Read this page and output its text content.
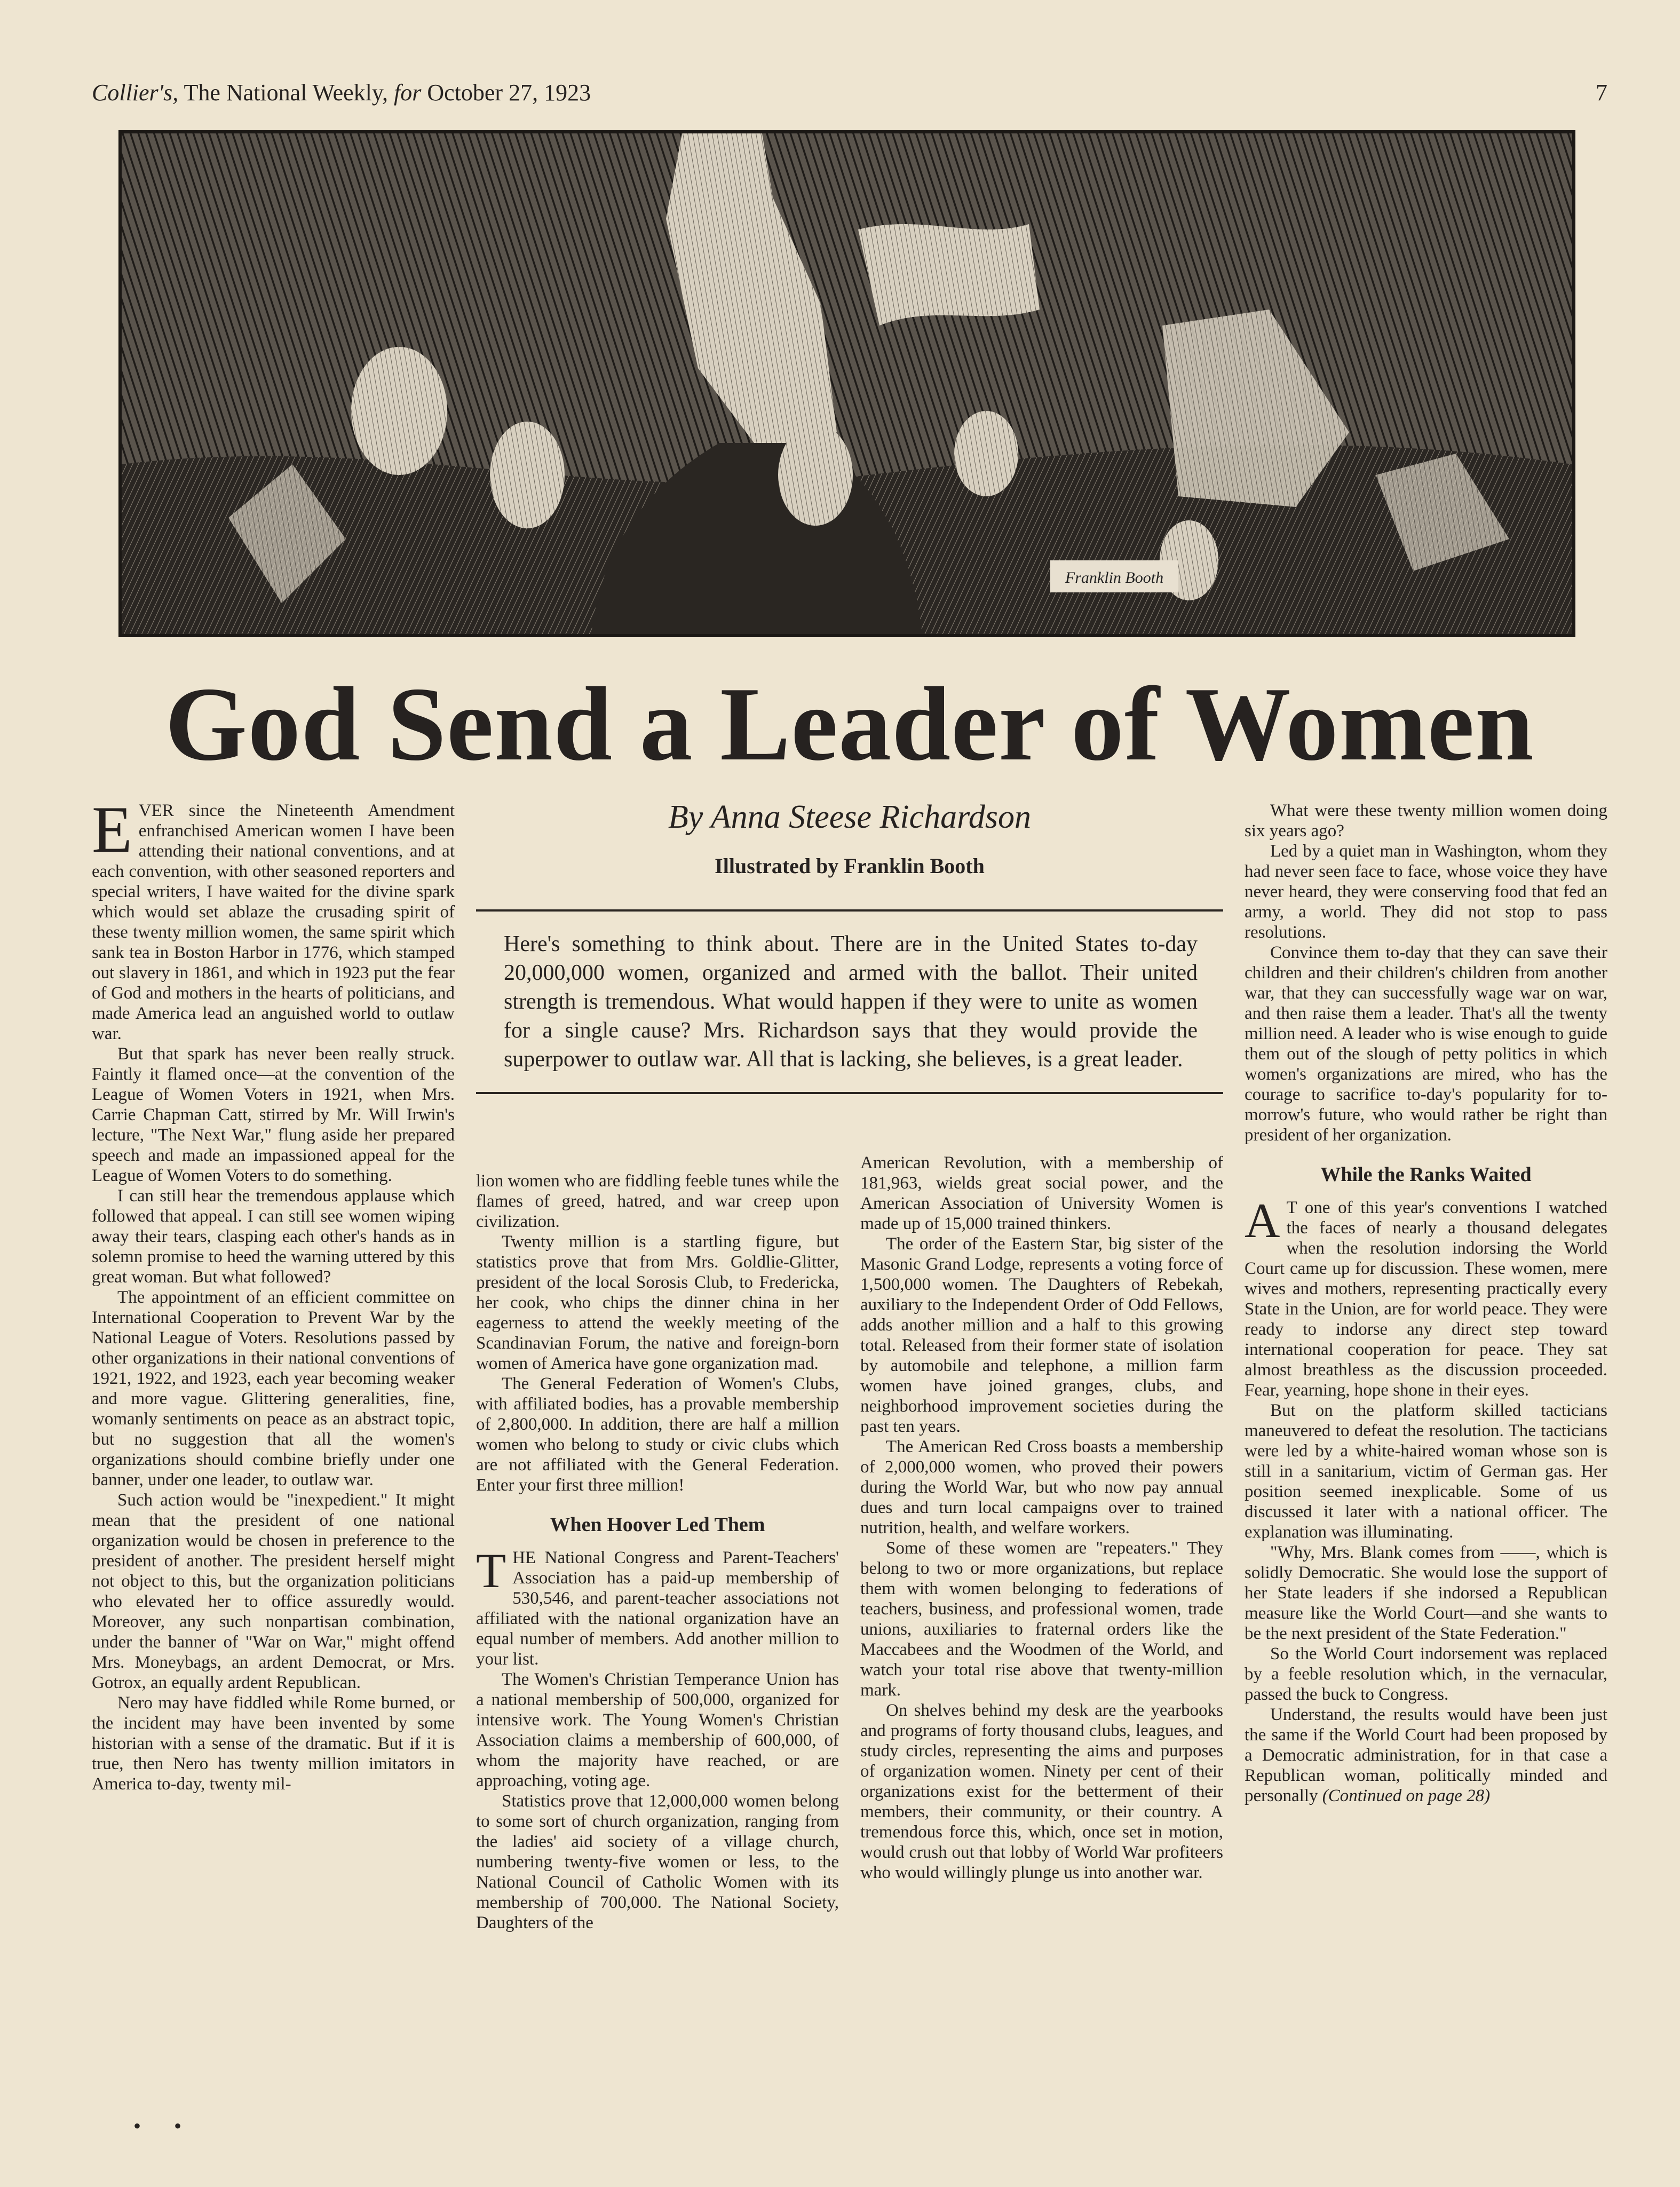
Collier's, The National Weekly, for October 27, 1923	7
Franklin Booth
God Send a Leader of Women

By Anna Steese Richardson

Illustrated by Franklin Booth
Here's something to think about. There are in the United States to-day 20,000,000 women, organized and armed with the ballot. Their united strength is tremendous. What would happen if they were to unite as women for a single cause? Mrs. Richardson says that they would provide the superpower to outlaw war. All that is lacking, she believes, is a great leader.

EVER since the Nineteenth Amendment enfranchised American women I have been attending their national conventions, and at each convention, with other seasoned reporters and special writers, I have waited for the divine spark which would set ablaze the crusading spirit of these twenty million women, the same spirit which sank tea in Boston Harbor in 1776, which stamped out slavery in 1861, and which in 1923 put the fear of God and mothers in the hearts of politicians, and made America lead an anguished world to outlaw war.

But that spark has never been really struck. Faintly it flamed once—at the convention of the League of Women Voters in 1921, when Mrs. Carrie Chapman Catt, stirred by Mr. Will Irwin's lecture, "The Next War," flung aside her prepared speech and made an impassioned appeal for the League of Women Voters to do something.

I can still hear the tremendous applause which followed that appeal. I can still see women wiping away their tears, clasping each other's hands as in solemn promise to heed the warning uttered by this great woman. But what followed?

The appointment of an efficient committee on International Cooperation to Prevent War by the National League of Voters. Resolutions passed by other organizations in their national conventions of 1921, 1922, and 1923, each year becoming weaker and more vague. Glittering generalities, fine, womanly sentiments on peace as an abstract topic, but no suggestion that all the women's organizations should combine briefly under one banner, under one leader, to outlaw war.

Such action would be "inexpedient." It might mean that the president of one national organization would be chosen in preference to the president of another. The president herself might not object to this, but the organization politicians who elevated her to office assuredly would. Moreover, any such nonpartisan combination, under the banner of "War on War," might offend Mrs. Moneybags, an ardent Democrat, or Mrs. Gotrox, an equally ardent Republican.

Nero may have fiddled while Rome burned, or the incident may have been invented by some historian with a sense of the dramatic. But if it is true, then Nero has twenty million imitators in America to-day, twenty mil-

lion women who are fiddling feeble tunes while the flames of greed, hatred, and war creep upon civilization.

Twenty million is a startling figure, but statistics prove that from Mrs. Goldlie-Glitter, president of the local Sorosis Club, to Fredericka, her cook, who chips the dinner china in her eagerness to attend the weekly meeting of the Scandinavian Forum, the native and foreign-born women of America have gone organization mad.

The General Federation of Women's Clubs, with affiliated bodies, has a provable membership of 2,800,000. In addition, there are half a million women who belong to study or civic clubs which are not affiliated with the General Federation. Enter your first three million!

When Hoover Led Them

THE National Congress and Parent-Teachers' Association has a paid-up membership of 530,546, and parent-teacher associations not affiliated with the national organization have an equal number of members. Add another million to your list.

The Women's Christian Temperance Union has a national membership of 500,000, organized for intensive work. The Young Women's Christian Association claims a membership of 600,000, of whom the majority have reached, or are approaching, voting age.

Statistics prove that 12,000,000 women belong to some sort of church organization, ranging from the ladies' aid society of a village church, numbering twenty-five women or less, to the National Council of Catholic Women with its membership of 700,000. The National Society, Daughters of the

American Revolution, with a membership of 181,963, wields great social power, and the American Association of University Women is made up of 15,000 trained thinkers.

The order of the Eastern Star, big sister of the Masonic Grand Lodge, represents a voting force of 1,500,000 women. The Daughters of Rebekah, auxiliary to the Independent Order of Odd Fellows, adds another million and a half to this growing total. Released from their former state of isolation by automobile and telephone, a million farm women have joined granges, clubs, and neighborhood improvement societies during the past ten years.

The American Red Cross boasts a membership of 2,000,000 women, who proved their powers during the World War, but who now pay annual dues and turn local campaigns over to trained nutrition, health, and welfare workers.

Some of these women are "repeaters." They belong to two or more organizations, but replace them with women belonging to federations of teachers, business, and professional women, trade unions, auxiliaries to fraternal orders like the Maccabees and the Woodmen of the World, and watch your total rise above that twenty-million mark.

On shelves behind my desk are the yearbooks and programs of forty thousand clubs, leagues, and study circles, representing the aims and purposes of organization women. Ninety per cent of their organizations exist for the betterment of their members, their community, or their country. A tremendous force this, which, once set in motion, would crush out that lobby of World War profiteers who would willingly plunge us into another war.

What were these twenty million women doing six years ago?

Led by a quiet man in Washington, whom they had never seen face to face, whose voice they have never heard, they were conserving food that fed an army, a world. They did not stop to pass resolutions.

Convince them to-day that they can save their children and their children's children from another war, that they can successfully wage war on war, and then raise them a leader. That's all the twenty million need. A leader who is wise enough to guide them out of the slough of petty politics in which women's organizations are mired, who has the courage to sacrifice to-day's popularity for to-morrow's future, who would rather be right than president of her organization.

While the Ranks Waited

A T one of this year's conventions I watched the faces of nearly a thousand delegates when the resolution indorsing the World Court came up for discussion. These women, mere wives and mothers, representing practically every State in the Union, are for world peace. They were ready to indorse any direct step toward international cooperation for peace. They sat almost breathless as the discussion proceeded. Fear, yearning, hope shone in their eyes.

But on the platform skilled tacticians maneuvered to defeat the resolution. The tacticians were led by a white-haired woman whose son is still in a sanitarium, victim of German gas. Her position seemed inexplicable. Some of us discussed it later with a national officer. The explanation was illuminating.

"Why, Mrs. Blank comes from ——, which is solidly Democratic. She would lose the support of her State leaders if she indorsed a Republican measure like the World Court—and she wants to be the next president of the State Federation."

So the World Court indorsement was replaced by a feeble resolution which, in the vernacular, passed the buck to Congress.

Understand, the results would have been just the same if the World Court had been proposed by a Democratic administration, for in that case a Republican woman, politically minded and personally (Continued on page 28)

• •
